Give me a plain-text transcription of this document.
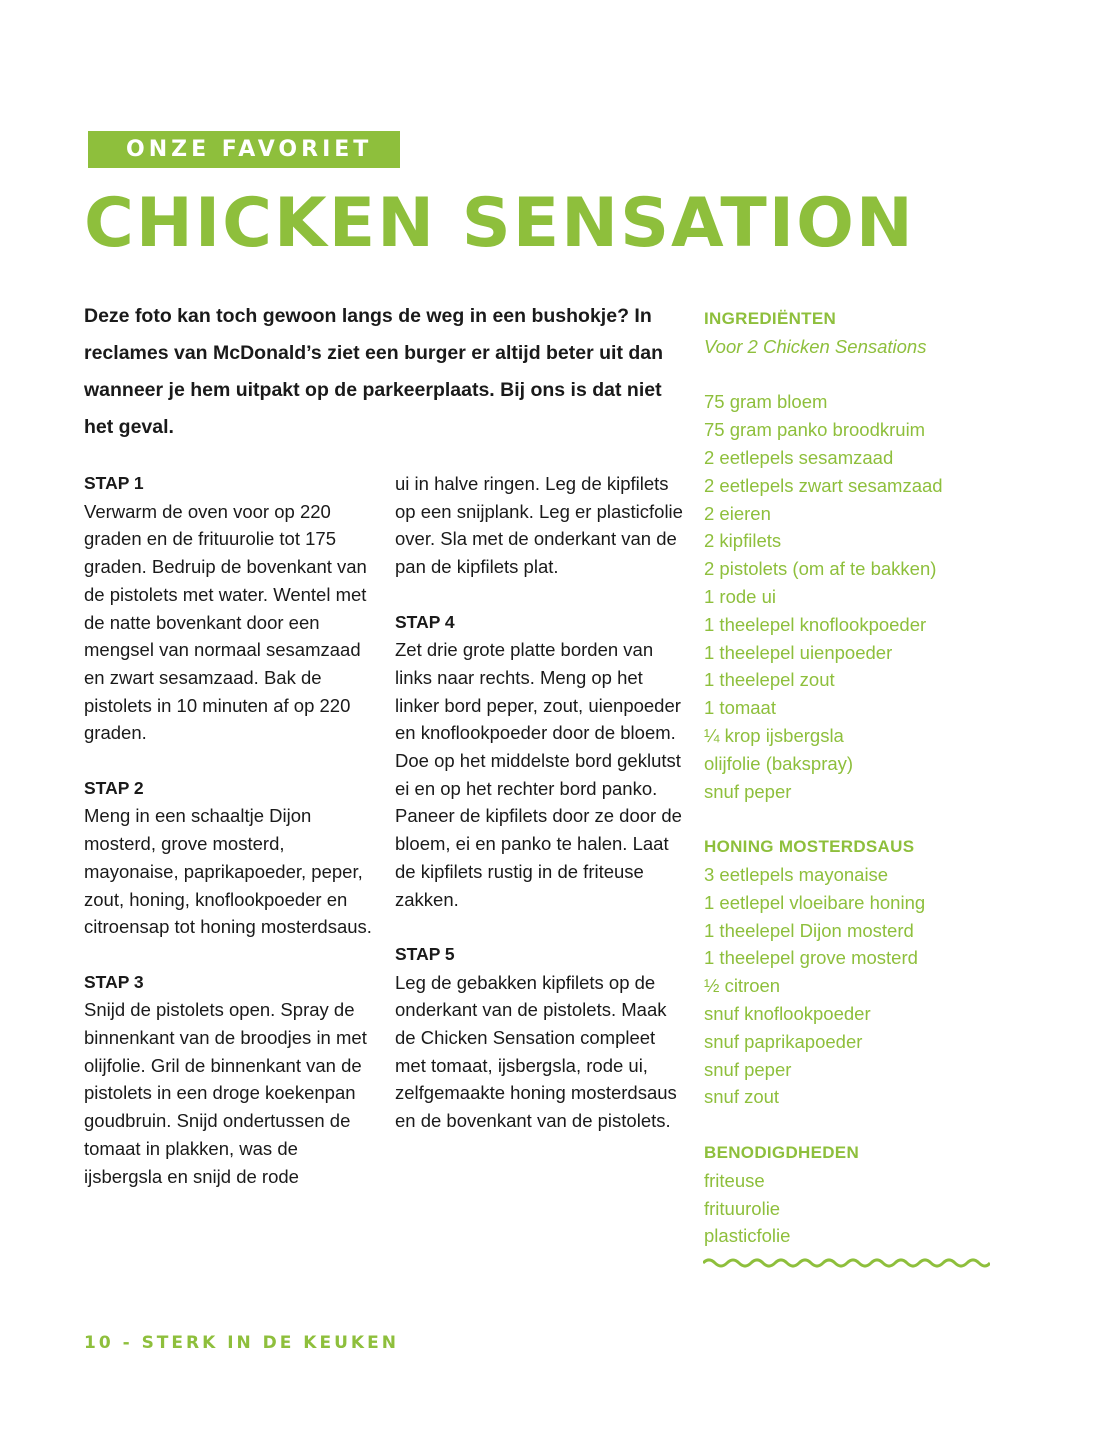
ONZE FAVORIET
CHICKEN SENSATION
Deze foto kan toch gewoon langs de weg in een bushokje? In reclames van McDonald’s ziet een burger er altijd beter uit dan wanneer je hem uitpakt op de parkeerplaats. Bij ons is dat niet het geval.
STAP 1
Verwarm de oven voor op 220 graden en de frituurolie tot 175 graden. Bedruip de bovenkant van de pistolets met water. Wentel met de natte bovenkant door een mengsel van normaal sesamzaad en zwart sesamzaad. Bak de pistolets in 10 minuten af op 220 graden.
STAP 2
Meng in een schaaltje Dijon mosterd, grove mosterd, mayonaise, paprikapoeder, peper, zout, honing, knoflookpoeder en citroensap tot honing mosterdsaus.
STAP 3
Snijd de pistolets open. Spray de binnenkant van de broodjes in met olijfolie. Gril de binnenkant van de pistolets in een droge koekenpan goudbruin. Snijd ondertussen de tomaat in plakken, was de ijsbergsla en snijd de rode
ui in halve ringen. Leg de kipfilets op een snijplank. Leg er plasticfolie over. Sla met de onderkant van de pan de kipfilets plat.
STAP 4
Zet drie grote platte borden van links naar rechts. Meng op het linker bord peper, zout, uienpoeder en knoflookpoeder door de bloem. Doe op het middelste bord geklutst ei en op het rechter bord panko. Paneer de kipfilets door ze door de bloem, ei en panko te halen. Laat de kipfilets rustig in de friteuse zakken.
STAP 5
Leg de gebakken kipfilets op de onderkant van de pistolets. Maak de Chicken Sensation compleet met tomaat, ijsbergsla, rode ui, zelfgemaakte honing mosterdsaus en de bovenkant van de pistolets.
INGREDIËNTEN
Voor 2 Chicken Sensations
75 gram bloem
75 gram panko broodkruim
2 eetlepels sesamzaad
2 eetlepels zwart sesamzaad
2 eieren
2 kipfilets
2 pistolets (om af te bakken)
1 rode ui
1 theelepel knoflookpoeder
1 theelepel uienpoeder
1 theelepel zout
1 tomaat
¼ krop ijsbergsla
olijfolie (bakspray)
snuf peper
HONING MOSTERDSAUS
3 eetlepels mayonaise
1 eetlepel vloeibare honing
1 theelepel Dijon mosterd
1 theelepel grove mosterd
½ citroen
snuf knoflookpoeder
snuf paprikapoeder
snuf peper
snuf zout
BENODIGDHEDEN
friteuse
frituurolie
plasticfolie
10 - STERK IN DE KEUKEN
